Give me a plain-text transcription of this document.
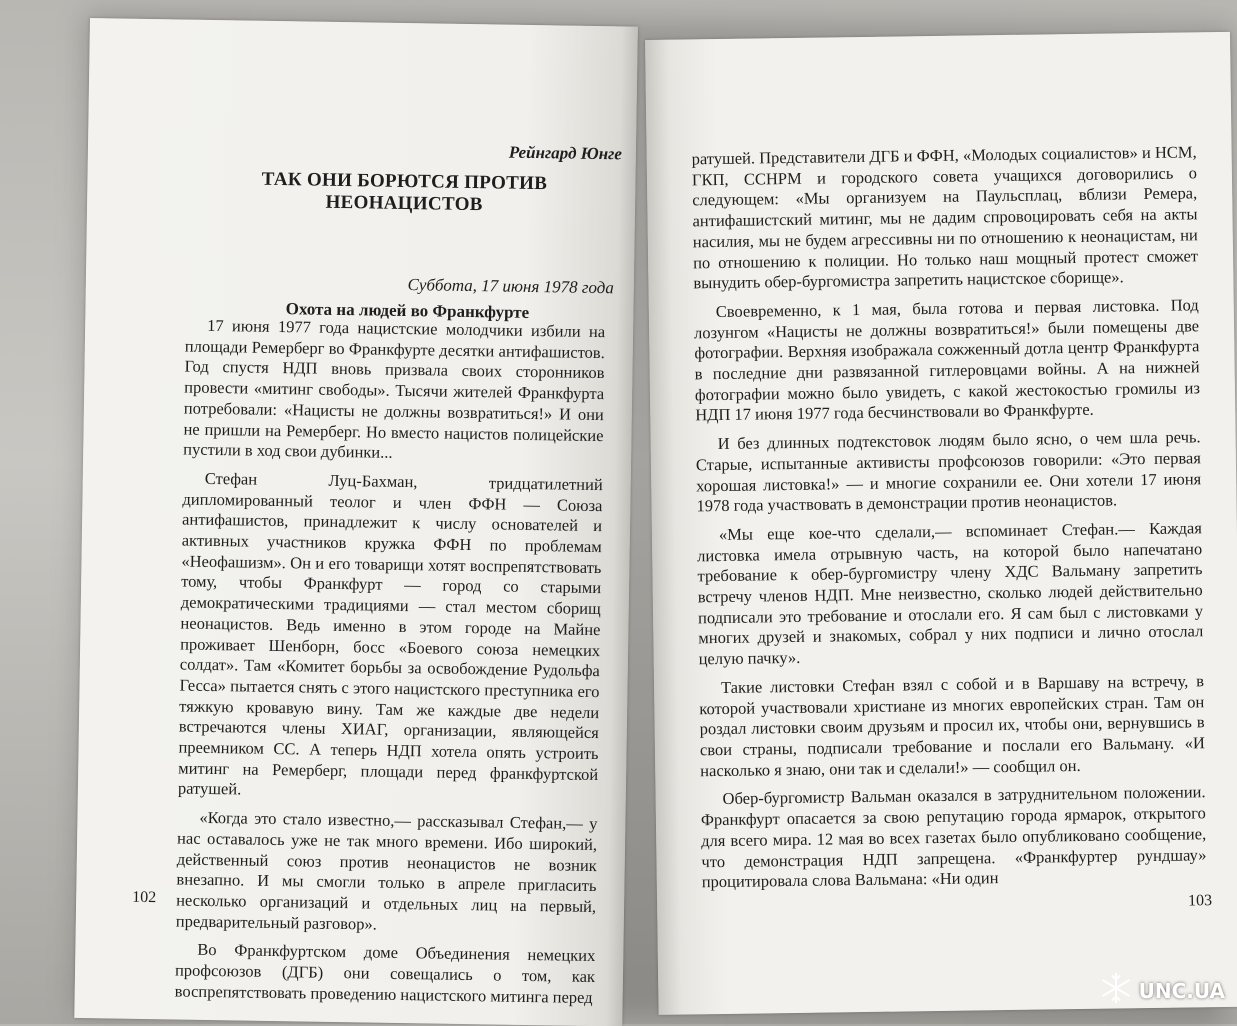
Рейнгард Юнге
ТАК ОНИ БОРЮТСЯ ПРОТИВ НЕОНАЦИСТОВ
Суббота, 17 июня 1978 года
Охота на людей во Франкфурте

17 июня 1977 года нацистские молодчики избили на площади Ремерберг во Франкфурте десятки антифашистов. Год спустя НДП вновь призвала своих сторонников провести «митинг свободы». Тысячи жителей Франкфурта потребовали: «Нацисты не должны возвратиться!» И они не пришли на Ремерберг. Но вместо нацистов полицейские пустили в ход свои дубинки...

Стефан Луц-Бахман, тридцатилетний дипломированный теолог и член ФФН — Союза антифашистов, принадлежит к числу основателей и активных участников кружка ФФН по проблемам «Неофашизм». Он и его товарищи хотят воспрепятствовать тому, чтобы Франкфурт — город со старыми демократическими традициями — стал местом сборищ неонацистов. Ведь именно в этом городе на Майне проживает Шенборн, босс «Боевого союза немецких солдат». Там «Комитет борьбы за освобождение Рудольфа Гесса» пытается снять с этого нацистского преступника его тяжкую кровавую вину. Там же каждые две недели встречаются члены ХИАГ, организации, являющейся преемником СС. А теперь НДП хотела опять устроить митинг на Ремерберг, площади перед франкфуртской ратушей.

«Когда это стало известно,— рассказывал Стефан,— у нас оставалось уже не так много времени. Ибо широкий, действенный союз против неонацистов не возник внезапно. И мы смогли только в апреле пригласить несколько организаций и отдельных лиц на первый, предварительный разговор».

Во Франкфуртском доме Объединения немецких профсоюзов (ДГБ) они совещались о том, как воспрепятствовать проведению нацистского митинга перед

102

ратушей. Представители ДГБ и ФФН, «Молодых социалистов» и НСМ, ГКП, ССНРМ и городского совета учащихся договорились о следующем: «Мы организуем на Паульсплац, вблизи Ремера, антифашистский митинг, мы не дадим спровоцировать себя на акты насилия, мы не будем агрессивны ни по отношению к неонацистам, ни по отношению к полиции. Но только наш мощный протест сможет вынудить обер-бургомистра запретить нацистское сборище».

Своевременно, к 1 мая, была готова и первая листовка. Под лозунгом «Нацисты не должны возвратиться!» были помещены две фотографии. Верхняя изображала сожженный дотла центр Франкфурта в последние дни развязанной гитлеровцами войны. А на нижней фотографии можно было увидеть, с какой жестокостью громилы из НДП 17 июня 1977 года бесчинствовали во Франкфурте.

И без длинных подтекстовок людям было ясно, о чем шла речь. Старые, испытанные активисты профсоюзов говорили: «Это первая хорошая листовка!» — и многие сохранили ее. Они хотели 17 июня 1978 года участвовать в демонстрации против неонацистов.

«Мы еще кое-что сделали,— вспоминает Стефан.— Каждая листовка имела отрывную часть, на которой было напечатано требование к обер-бургомистру члену ХДС Вальману запретить встречу членов НДП. Мне неизвестно, сколько людей действительно подписали это требование и отослали его. Я сам был с листовками у многих друзей и знакомых, собрал у них подписи и лично отослал целую пачку».

Такие листовки Стефан взял с собой и в Варшаву на встречу, в которой участвовали христиане из многих европейских стран. Там он роздал листовки своим друзьям и просил их, чтобы они, вернувшись в свои страны, подписали требование и послали его Вальману. «И насколько я знаю, они так и сделали!» — сообщил он.

Обер-бургомистр Вальман оказался в затруднительном положении. Франкфурт опасается за свою репутацию города ярмарок, открытого для всего мира. 12 мая во всех газетах было опубликовано сообщение, что демонстрация НДП запрещена. «Франкфуртер рундшау» процитировала слова Вальмана: «Ни один

103
UNC.UA
